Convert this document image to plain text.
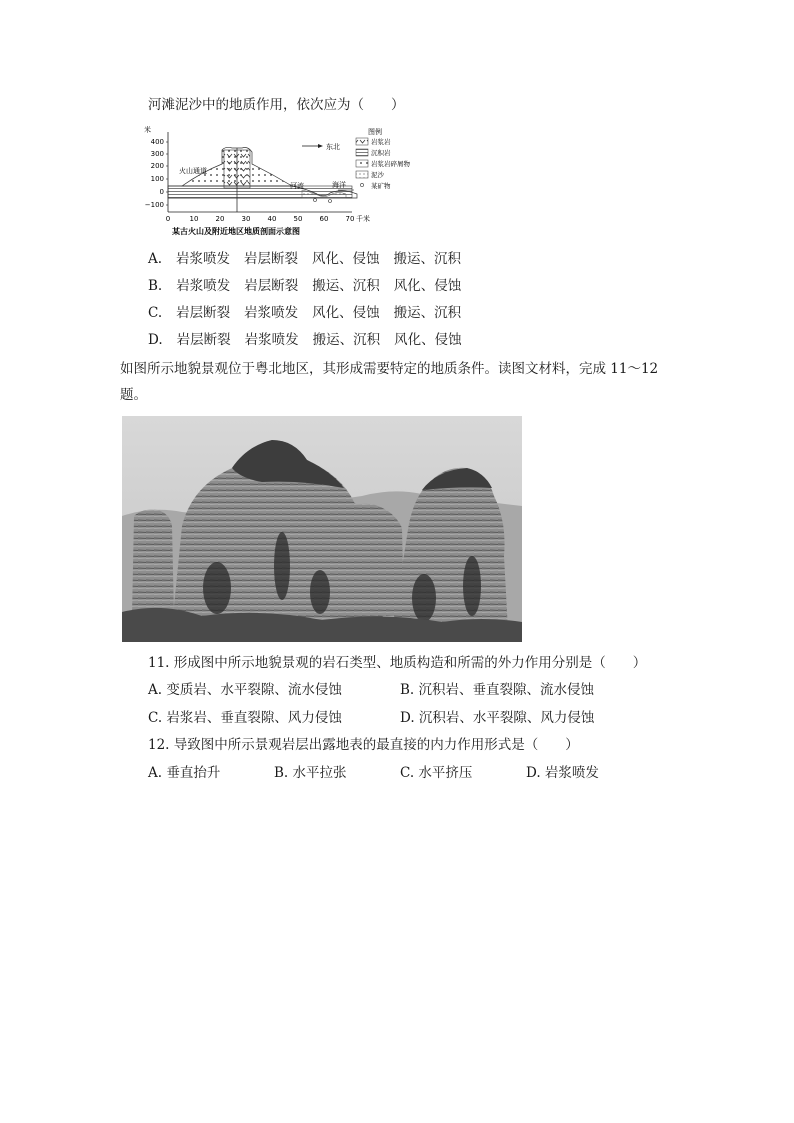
河滩泥沙中的地质作用，依次应为（　　）
米
400
300
200
100
0
−100
火山通道
河流	海洋
东北
0	10 20 30 40 50 60 70 千米
图例
岩浆岩
沉积岩
岩浆岩碎屑物
泥沙
某矿物
某古火山及附近地区地质剖面示意图
A. 岩浆喷发 岩层断裂 风化、侵蚀 搬运、沉积
B. 岩浆喷发 岩层断裂 搬运、沉积 风化、侵蚀
C. 岩层断裂 岩浆喷发 风化、侵蚀 搬运、沉积
D. 岩层断裂 岩浆喷发 搬运、沉积 风化、侵蚀
如图所示地貌景观位于粤北地区，其形成需要特定的地质条件。读图文材料，完成 11～12
题。
11. 形成图中所示地貌景观的岩石类型、地质构造和所需的外力作用分别是（　　）
A. 变质岩、水平裂隙、流水侵蚀	B. 沉积岩、垂直裂隙、流水侵蚀
C. 岩浆岩、垂直裂隙、风力侵蚀	D. 沉积岩、水平裂隙、风力侵蚀
12. 导致图中所示景观岩层出露地表的最直接的内力作用形式是（　　）
A. 垂直抬升	B. 水平拉张	C. 水平挤压	D. 岩浆喷发
